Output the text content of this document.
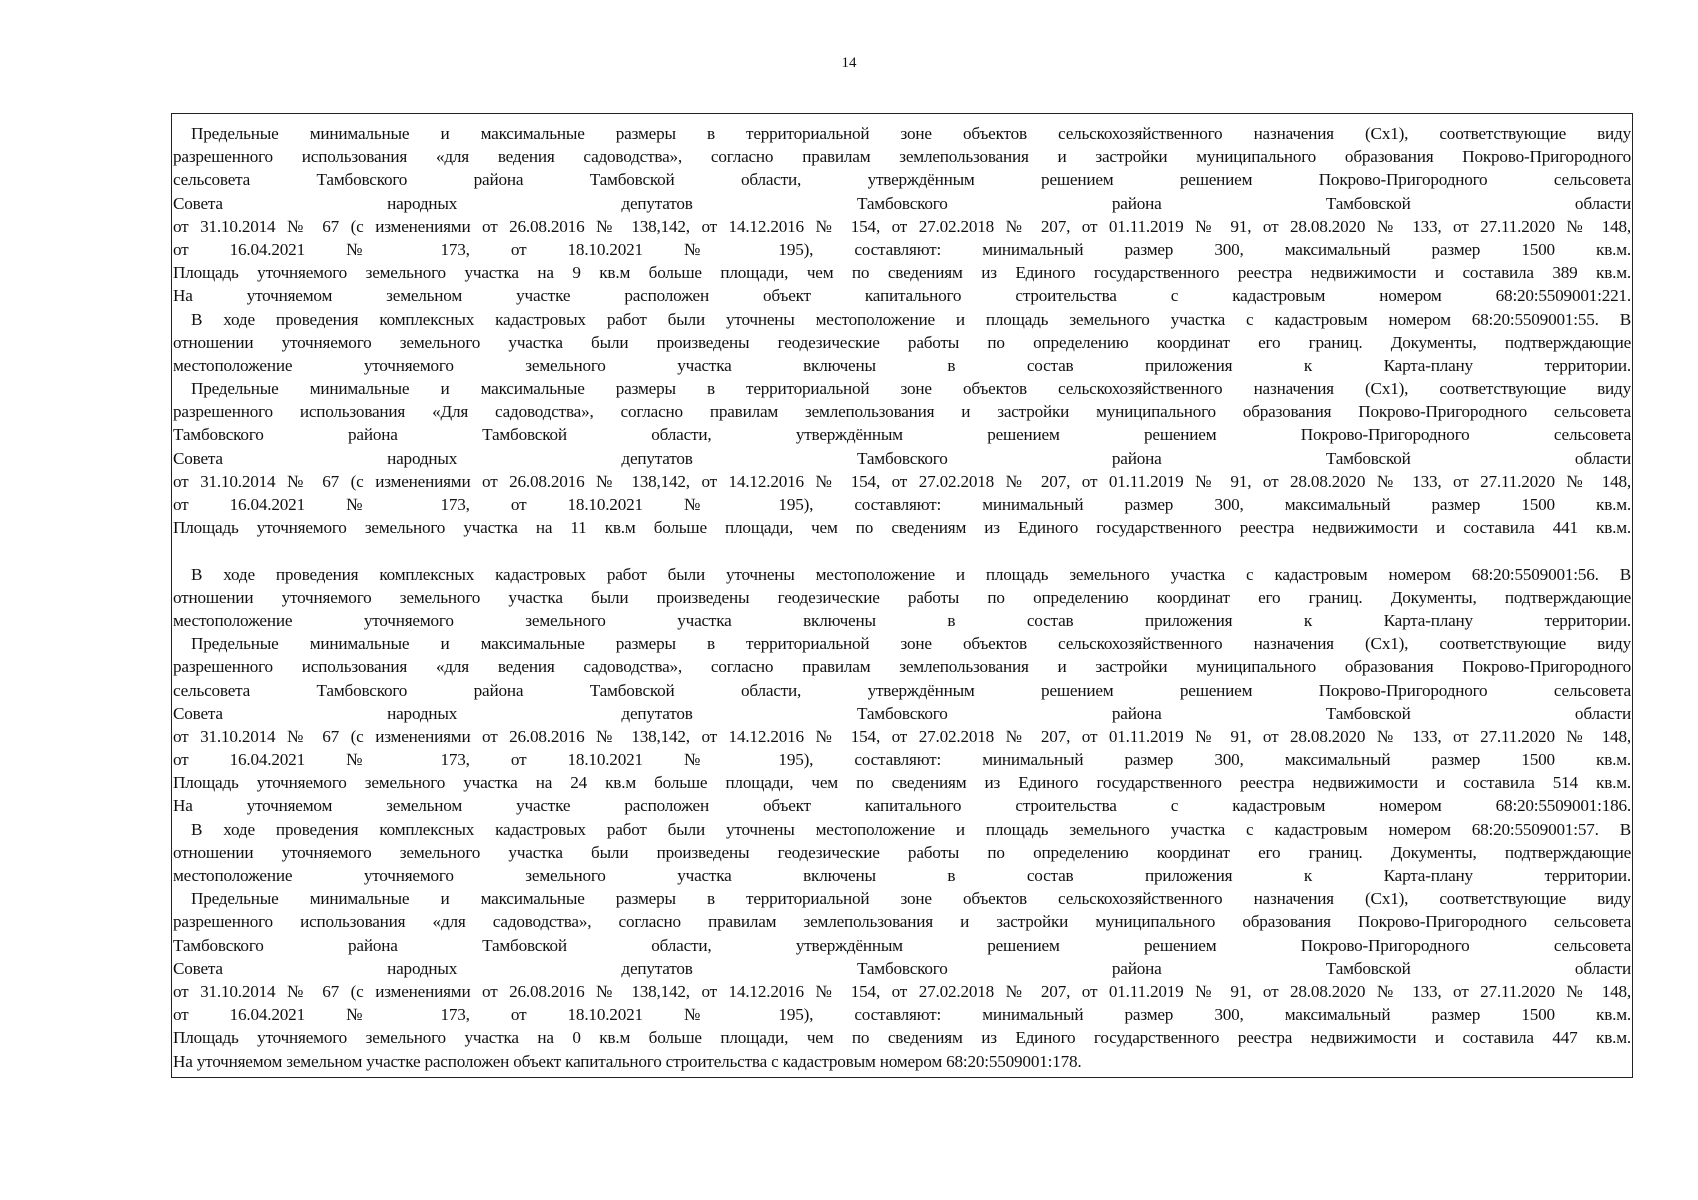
14
Предельные минимальные и максимальные размеры в территориальной зоне объектов сельскохозяйственного назначения (Сх1), соответствующие виду
разрешенного использования «для ведения садоводства», согласно правилам землепользования и застройки муниципального образования Покрово-Пригородного
сельсовета Тамбовского района Тамбовской области, утверждённым решением решением Покрово-Пригородного сельсовета
Совета народных депутатов Тамбовского района Тамбовской области
от 31.10.2014 № 67 (с изменениями от 26.08.2016 № 138,142, от 14.12.2016 № 154, от 27.02.2018 № 207, от 01.11.2019 № 91, от 28.08.2020 № 133, от 27.11.2020 № 148,
от 16.04.2021 № 173, от 18.10.2021 № 195), составляют: минимальный размер 300, максимальный размер 1500 кв.м.
Площадь уточняемого земельного участка на 9 кв.м больше площади, чем по сведениям из Единого государственного реестра недвижимости и составила 389 кв.м.
На уточняемом земельном участке расположен объект капитального строительства с кадастровым номером 68:20:5509001:221.
В ходе проведения комплексных кадастровых работ были уточнены местоположение и площадь земельного участка с кадастровым номером 68:20:5509001:55. В
отношении уточняемого земельного участка были произведены геодезические работы по определению координат его границ. Документы, подтверждающие
местоположение уточняемого земельного участка включены в состав приложения к Карта-плану территории.
Предельные минимальные и максимальные размеры в территориальной зоне объектов сельскохозяйственного назначения (Сх1), соответствующие виду
разрешенного использования «Для садоводства», согласно правилам землепользования и застройки муниципального образования Покрово-Пригородного сельсовета
Тамбовского района Тамбовской области, утверждённым решением решением Покрово-Пригородного сельсовета
Совета народных депутатов Тамбовского района Тамбовской области
от 31.10.2014 № 67 (с изменениями от 26.08.2016 № 138,142, от 14.12.2016 № 154, от 27.02.2018 № 207, от 01.11.2019 № 91, от 28.08.2020 № 133, от 27.11.2020 № 148,
от 16.04.2021 № 173, от 18.10.2021 № 195), составляют: минимальный размер 300, максимальный размер 1500 кв.м.
Площадь уточняемого земельного участка на 11 кв.м больше площади, чем по сведениям из Единого государственного реестра недвижимости и составила 441 кв.м.
В ходе проведения комплексных кадастровых работ были уточнены местоположение и площадь земельного участка с кадастровым номером 68:20:5509001:56. В
отношении уточняемого земельного участка были произведены геодезические работы по определению координат его границ. Документы, подтверждающие
местоположение уточняемого земельного участка включены в состав приложения к Карта-плану территории.
Предельные минимальные и максимальные размеры в территориальной зоне объектов сельскохозяйственного назначения (Сх1), соответствующие виду
разрешенного использования «для ведения садоводства», согласно правилам землепользования и застройки муниципального образования Покрово-Пригородного
сельсовета Тамбовского района Тамбовской области, утверждённым решением решением Покрово-Пригородного сельсовета
Совета народных депутатов Тамбовского района Тамбовской области
от 31.10.2014 № 67 (с изменениями от 26.08.2016 № 138,142, от 14.12.2016 № 154, от 27.02.2018 № 207, от 01.11.2019 № 91, от 28.08.2020 № 133, от 27.11.2020 № 148,
от 16.04.2021 № 173, от 18.10.2021 № 195), составляют: минимальный размер 300, максимальный размер 1500 кв.м.
Площадь уточняемого земельного участка на 24 кв.м больше площади, чем по сведениям из Единого государственного реестра недвижимости и составила 514 кв.м.
На уточняемом земельном участке расположен объект капитального строительства с кадастровым номером 68:20:5509001:186.
В ходе проведения комплексных кадастровых работ были уточнены местоположение и площадь земельного участка с кадастровым номером 68:20:5509001:57. В
отношении уточняемого земельного участка были произведены геодезические работы по определению координат его границ. Документы, подтверждающие
местоположение уточняемого земельного участка включены в состав приложения к Карта-плану территории.
Предельные минимальные и максимальные размеры в территориальной зоне объектов сельскохозяйственного назначения (Сх1), соответствующие виду
разрешенного использования «для садоводства», согласно правилам землепользования и застройки муниципального образования Покрово-Пригородного сельсовета
Тамбовского района Тамбовской области, утверждённым решением решением Покрово-Пригородного сельсовета
Совета народных депутатов Тамбовского района Тамбовской области
от 31.10.2014 № 67 (с изменениями от 26.08.2016 № 138,142, от 14.12.2016 № 154, от 27.02.2018 № 207, от 01.11.2019 № 91, от 28.08.2020 № 133, от 27.11.2020 № 148,
от 16.04.2021 № 173, от 18.10.2021 № 195), составляют: минимальный размер 300, максимальный размер 1500 кв.м.
Площадь уточняемого земельного участка на 0 кв.м больше площади, чем по сведениям из Единого государственного реестра недвижимости и составила 447 кв.м.
На уточняемом земельном участке расположен объект капитального строительства с кадастровым номером 68:20:5509001:178.
